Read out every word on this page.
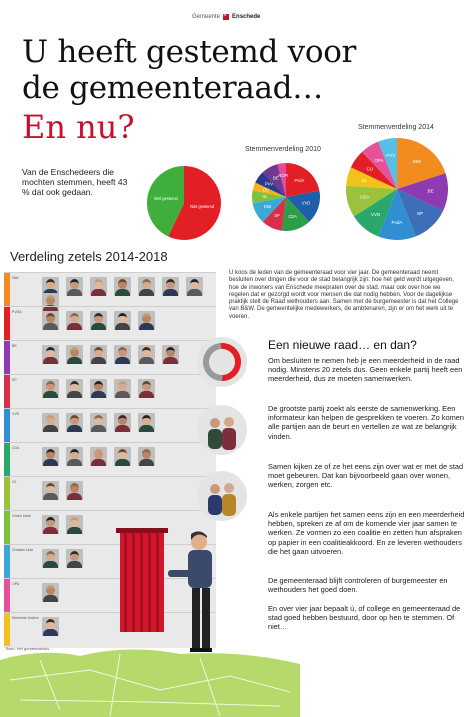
Gemeente
× Enschede
U heeft gestemd voor
de gemeenteraad…
En nu?
Van de Enschedeers die mochten stemmen, heeft 43 % dat ook gedaan.
Stemmenverdeling 2010
Stemmenverdeling 2014
Verdeling zetels 2014-2018
D66
PVDA
BE
SP
VVD
CDA
GL
Groen Links
Christen Unie
OPA
Eenheide Anders
Bron: Het gemeentehuis
U koos de leden van de gemeenteraad voor vier jaar. De gemeenteraad neemt besluiten over dingen die voor de stad belangrijk zijn: hoe het geld wordt uitgegeven, hoe de inwoners van Enschede meepraten over de stad, maar ook over hoe we regelen dat er gezorgd wordt voor mensen die dat nodig hebben. Voor de dagelijkse praktijk stelt de Raad wethouders aan. Samen met de burgemeester is dat het College van B&W. De gemeentelijke medewerkers, de ambtenaren, zijn er om het werk uit te voeren.
Een nieuwe raad… en dan?
Om besluiten te nemen heb je een meerderheid in de raad nodig. Minstens 20 zetels dus. Geen enkele partij heeft een meerderheid, dus ze moeten samenwerken.
De grootste partij zoekt als eerste de samenwerking. Een informateur kan helpen de gesprekken te voeren. Zo komen alle partijen aan de beurt en vertellen ze wat ze belangrijk vinden.
Samen kijken ze of ze het eens zijn over wat er met de stad moet gebeuren. Dat kan bijvoorbeeld gaan over wonen, werken, zorgen etc.
Als enkele partijen het samen eens zijn en een meerderheid hebben, spreken ze af om de komende vier jaar samen te werken. Ze vormen zo een coalitie en zetten hun afspraken op papier in een coalitieakkoord. En ze leveren wethouders die het gaan uitvoeren.
De gemeenteraad blijft controleren of burgemeester en wethouders het goed doen.
En over vier jaar bepaalt ú, of college en gemeenteraad de stad goed hebben bestuurd, door op hen te stemmen. Of niet…
